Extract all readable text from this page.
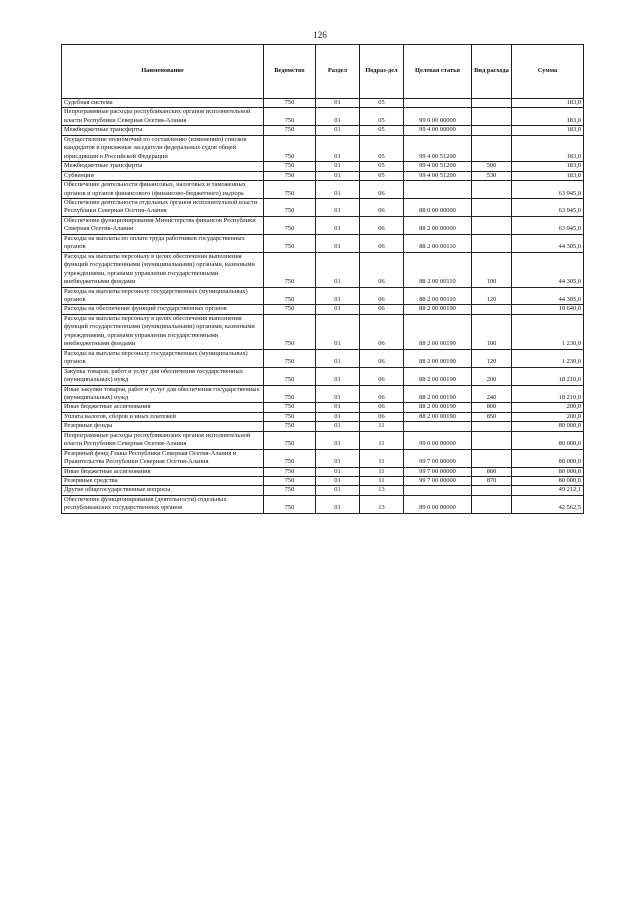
126
Наименование	Ведомство	Раздел	Подраз-дел	Целевая статья	Вид расхода	Сумма
Судебная система	750	01	05			183,0
Непрограммные расходы республиканских органов исполнительной власти Республики Северная Осетия-Алания	750	01	05	99 0 00 00000		183,0
Межбюджетные трансферты	750	01	05	99 4 00 00000		183,0
Осуществление полномочий по составлению (изменению) списков кандидатов в присяжные заседатели федеральных судов общей юрисдикции в Российской Федерации	750	01	05	99 4 00 51200		183,0
Межбюджетные трансферты	750	01	05	99 4 00 51200	500	183,0
Субвенции	750	01	05	99 4 00 51200	530	183,0
Обеспечение деятельности финансовых, налоговых и таможенных органов и органов финансового (финансово-бюджетного) надзора	750	01	06			63 945,0
Обеспечение деятельности отдельных органов исполнительной власти Республики Северная Осетия-Алания	750	01	06	88 0 00 00000		63 945,0
Обеспечение функционирования Министерства финансов Республики Северная Осетия-Алания	750	01	06	88 2 00 00000		63 945,0
Расходы на выплаты по оплате труда работников государственных органов	750	01	06	88 2 00 00110		44 305,0
Расходы на выплаты персоналу в целях обеспечения выполнения функций государственными (муниципальными) органами, казенными учреждениями, органами управления государственными внебюджетными фондами	750	01	06	88 2 00 00110	100	44 305,0
Расходы на выплаты персоналу государственных (муниципальных) органов	750	01	06	88 2 00 00110	120	44 305,0
Расходы на обеспечение функций государственных органов	750	01	06	88 2 00 00190		19 640,0
Расходы на выплаты персоналу в целях обеспечения выполнения функций государственными (муниципальными) органами, казенными учреждениями, органами управления государственными внебюджетными фондами	750	01	06	88 2 00 00190	100	1 230,0
Расходы на выплаты персоналу государственных (муниципальных) органов	750	01	06	88 2 00 00190	120	1 230,0
Закупка товаров, работ и услуг для обеспечения государственных (муниципальных) нужд	750	01	06	88 2 00 00190	200	18 210,0
Иные закупки товаров, работ и услуг для обеспечения государственных (муниципальных) нужд	750	01	06	88 2 00 00190	240	18 210,0
Иные бюджетные ассигнования	750	01	06	88 2 00 00190	800	200,0
Уплата налогов, сборов и иных платежей	750	01	06	88 2 00 00190	850	200,0
Резервные фонды	750	01	11			80 000,0
Непрограммные расходы республиканских органов исполнительной власти Республики Северная Осетия-Алания	750	01	11	99 0 00 00000		80 000,0
Резервный фонд Главы Республики Северная Осетия-Алания и Правительства Республики Северная Осетия-Алания	750	01	11	99 7 00 00000		80 000,0
Иные бюджетные ассигнования	750	01	11	99 7 00 00000	800	80 000,0
Резервные средства	750	01	11	99 7 00 00000	870	80 000,0
Другие общегосударственные вопросы	750	01	13			49 212,1
Обеспечение функционирования (деятельности) отдельных республиканских государственных органов	750	01	13	89 0 00 00000		42 562,5
